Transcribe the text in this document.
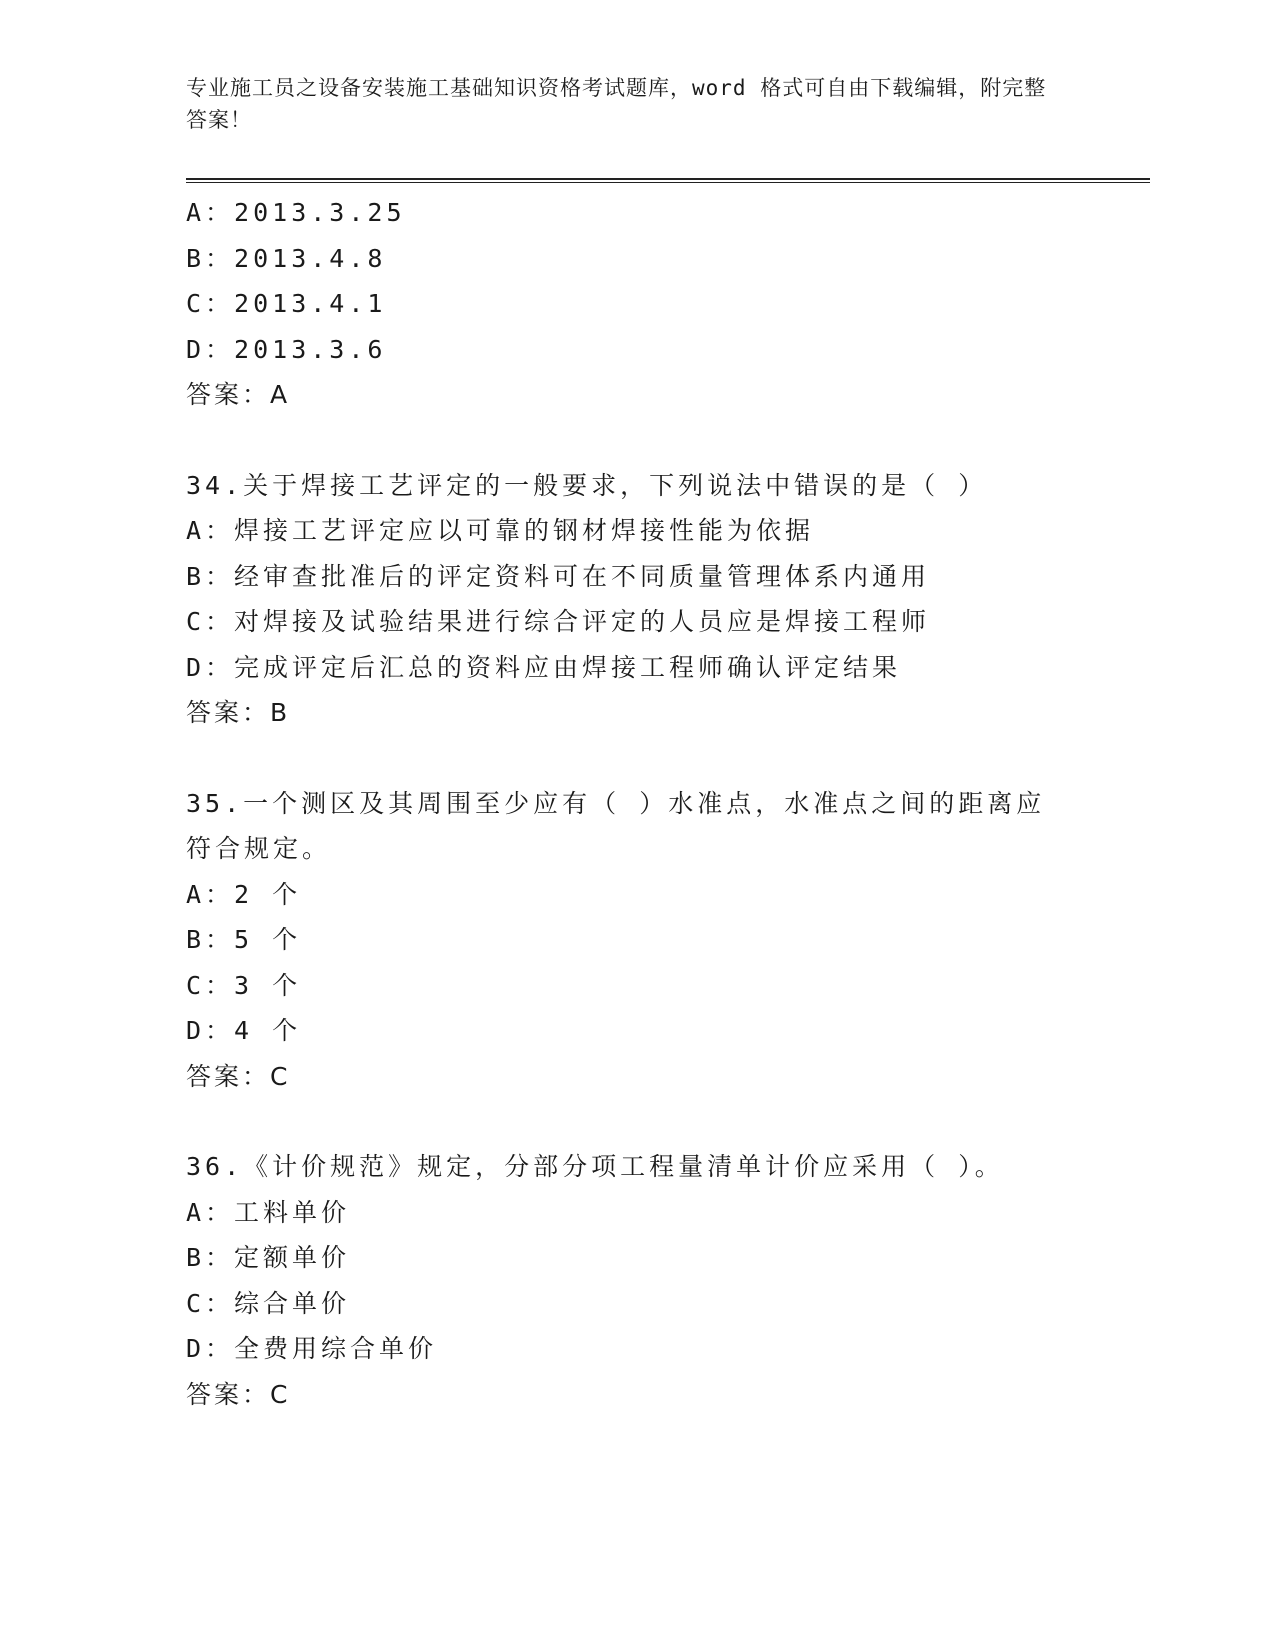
专业施工员之设备安装施工基础知识资格考试题库，word 格式可自由下载编辑，附完整答案！
A：2013.3.25
B：2013.4.8
C：2013.4.1
D：2013.3.6
答案：A
34.关于焊接工艺评定的一般要求，下列说法中错误的是（ ）
A：焊接工艺评定应以可靠的钢材焊接性能为依据
B：经审查批准后的评定资料可在不同质量管理体系内通用
C：对焊接及试验结果进行综合评定的人员应是焊接工程师
D：完成评定后汇总的资料应由焊接工程师确认评定结果
答案：B
35.一个测区及其周围至少应有（ ）水准点，水准点之间的距离应符合规定。
A：2 个
B：5 个
C：3 个
D：4 个
答案：C
36.《计价规范》规定，分部分项工程量清单计价应采用（ ）。
A：工料单价
B：定额单价
C：综合单价
D：全费用综合单价
答案：C
